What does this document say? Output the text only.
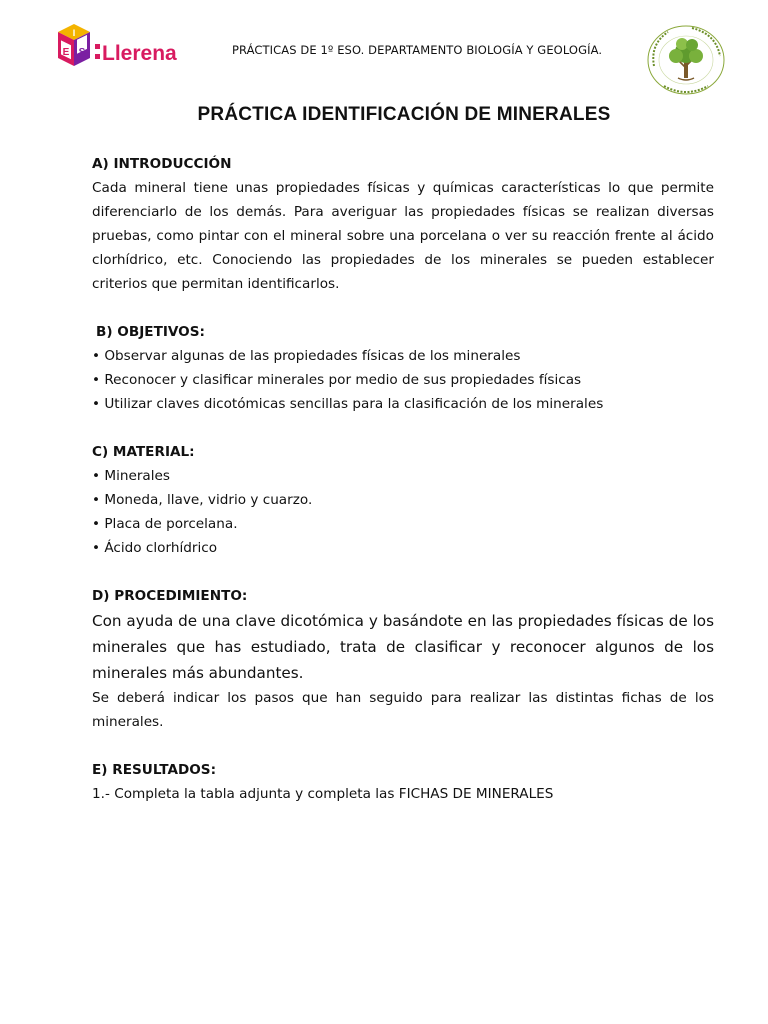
I
E S Llerena	PRÁCTICAS DE 1º ESO. DEPARTAMENTO BIOLOGÍA Y GEOLOGÍA.
PRÁCTICA IDENTIFICACIÓN DE MINERALES
A) INTRODUCCIÓN

Cada mineral tiene unas propiedades físicas y químicas características lo que permite diferenciarlo de los demás. Para averiguar las propiedades físicas se realizan diversas pruebas, como pintar con el mineral sobre una porcelana o ver su reacción frente al ácido clorhídrico, etc. Conociendo las propiedades de los minerales se pueden establecer criterios que permitan identificarlos.

B) OBJETIVOS:
• Observar algunas de las propiedades físicas de los minerales
• Reconocer y clasificar minerales por medio de sus propiedades físicas
• Utilizar claves dicotómicas sencillas para la clasificación de los minerales
C) MATERIAL:
• Minerales
• Moneda, llave, vidrio y cuarzo.
• Placa de porcelana.
• Ácido clorhídrico
D) PROCEDIMIENTO:

Con ayuda de una clave dicotómica y basándote en las propiedades físicas de los minerales que has estudiado, trata de clasificar y reconocer algunos de los minerales más abundantes.

Se deberá indicar los pasos que han seguido para realizar las distintas fichas de los minerales.

E) RESULTADOS:
1.- Completa la tabla adjunta y completa las FICHAS DE MINERALES
